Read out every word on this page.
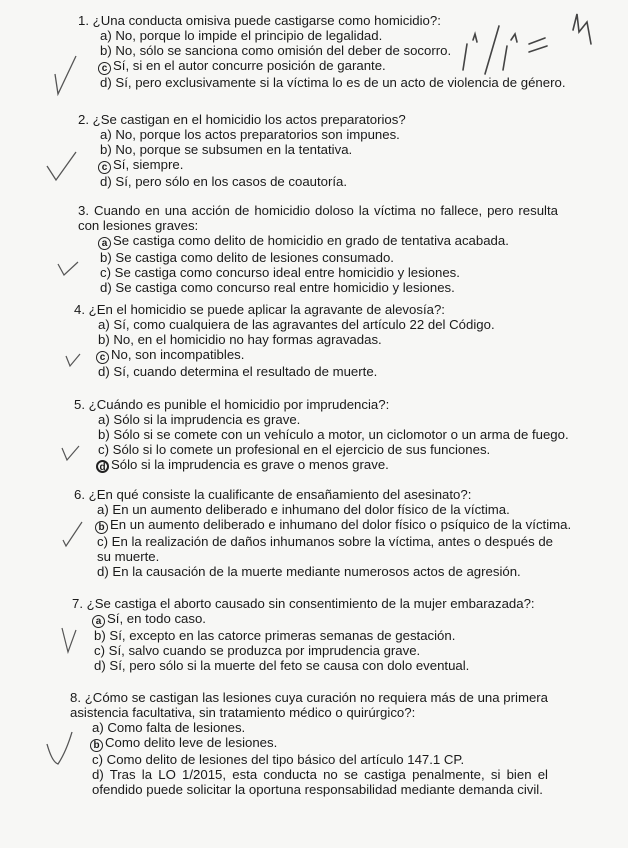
1. ¿Una conducta omisiva puede castigarse como homicidio?:
a) No, porque lo impide el principio de legalidad.
b) No, sólo se sanciona como omisión del deber de socorro.
c Sí, si en el autor concurre posición de garante.
d) Sí, pero exclusivamente si la víctima lo es de un acto de violencia de género.
2. ¿Se castigan en el homicidio los actos preparatorios?
a) No, porque los actos preparatorios son impunes.
b) No, porque se subsumen en la tentativa.
c Sí, siempre.
d) Sí, pero sólo en los casos de coautoría.
3. Cuando en una acción de homicidio doloso la víctima no fallece, pero resulta con lesiones graves:
a Se castiga como delito de homicidio en grado de tentativa acabada.
b) Se castiga como delito de lesiones consumado.
c) Se castiga como concurso ideal entre homicidio y lesiones.
d) Se castiga como concurso real entre homicidio y lesiones.
4. ¿En el homicidio se puede aplicar la agravante de alevosía?:
a) Sí, como cualquiera de las agravantes del artículo 22 del Código.
b) No, en el homicidio no hay formas agravadas.
c No, son incompatibles.
d) Sí, cuando determina el resultado de muerte.
5. ¿Cuándo es punible el homicidio por imprudencia?:
a) Sólo si la imprudencia es grave.
b) Sólo si se comete con un vehículo a motor, un ciclomotor o un arma de fuego.
c) Sólo si lo comete un profesional en el ejercicio de sus funciones.
d Sólo si la imprudencia es grave o menos grave.
6. ¿En qué consiste la cualificante de ensañamiento del asesinato?:
a) En un aumento deliberado e inhumano del dolor físico de la víctima.
b En un aumento deliberado e inhumano del dolor físico o psíquico de la víctima.
c) En la realización de daños inhumanos sobre la víctima, antes o después de su muerte.
d) En la causación de la muerte mediante numerosos actos de agresión.
7. ¿Se castiga el aborto causado sin consentimiento de la mujer embarazada?:
a Sí, en todo caso.
b) Sí, excepto en las catorce primeras semanas de gestación.
c) Sí, salvo cuando se produzca por imprudencia grave.
d) Sí, pero sólo si la muerte del feto se causa con dolo eventual.
8. ¿Cómo se castigan las lesiones cuya curación no requiera más de una primera asistencia facultativa, sin tratamiento médico o quirúrgico?:
a) Como falta de lesiones.
b Como delito leve de lesiones.
c) Como delito de lesiones del tipo básico del artículo 147.1 CP.
d) Tras la LO 1/2015, esta conducta no se castiga penalmente, si bien el ofendido puede solicitar la oportuna responsabilidad mediante demanda civil.
